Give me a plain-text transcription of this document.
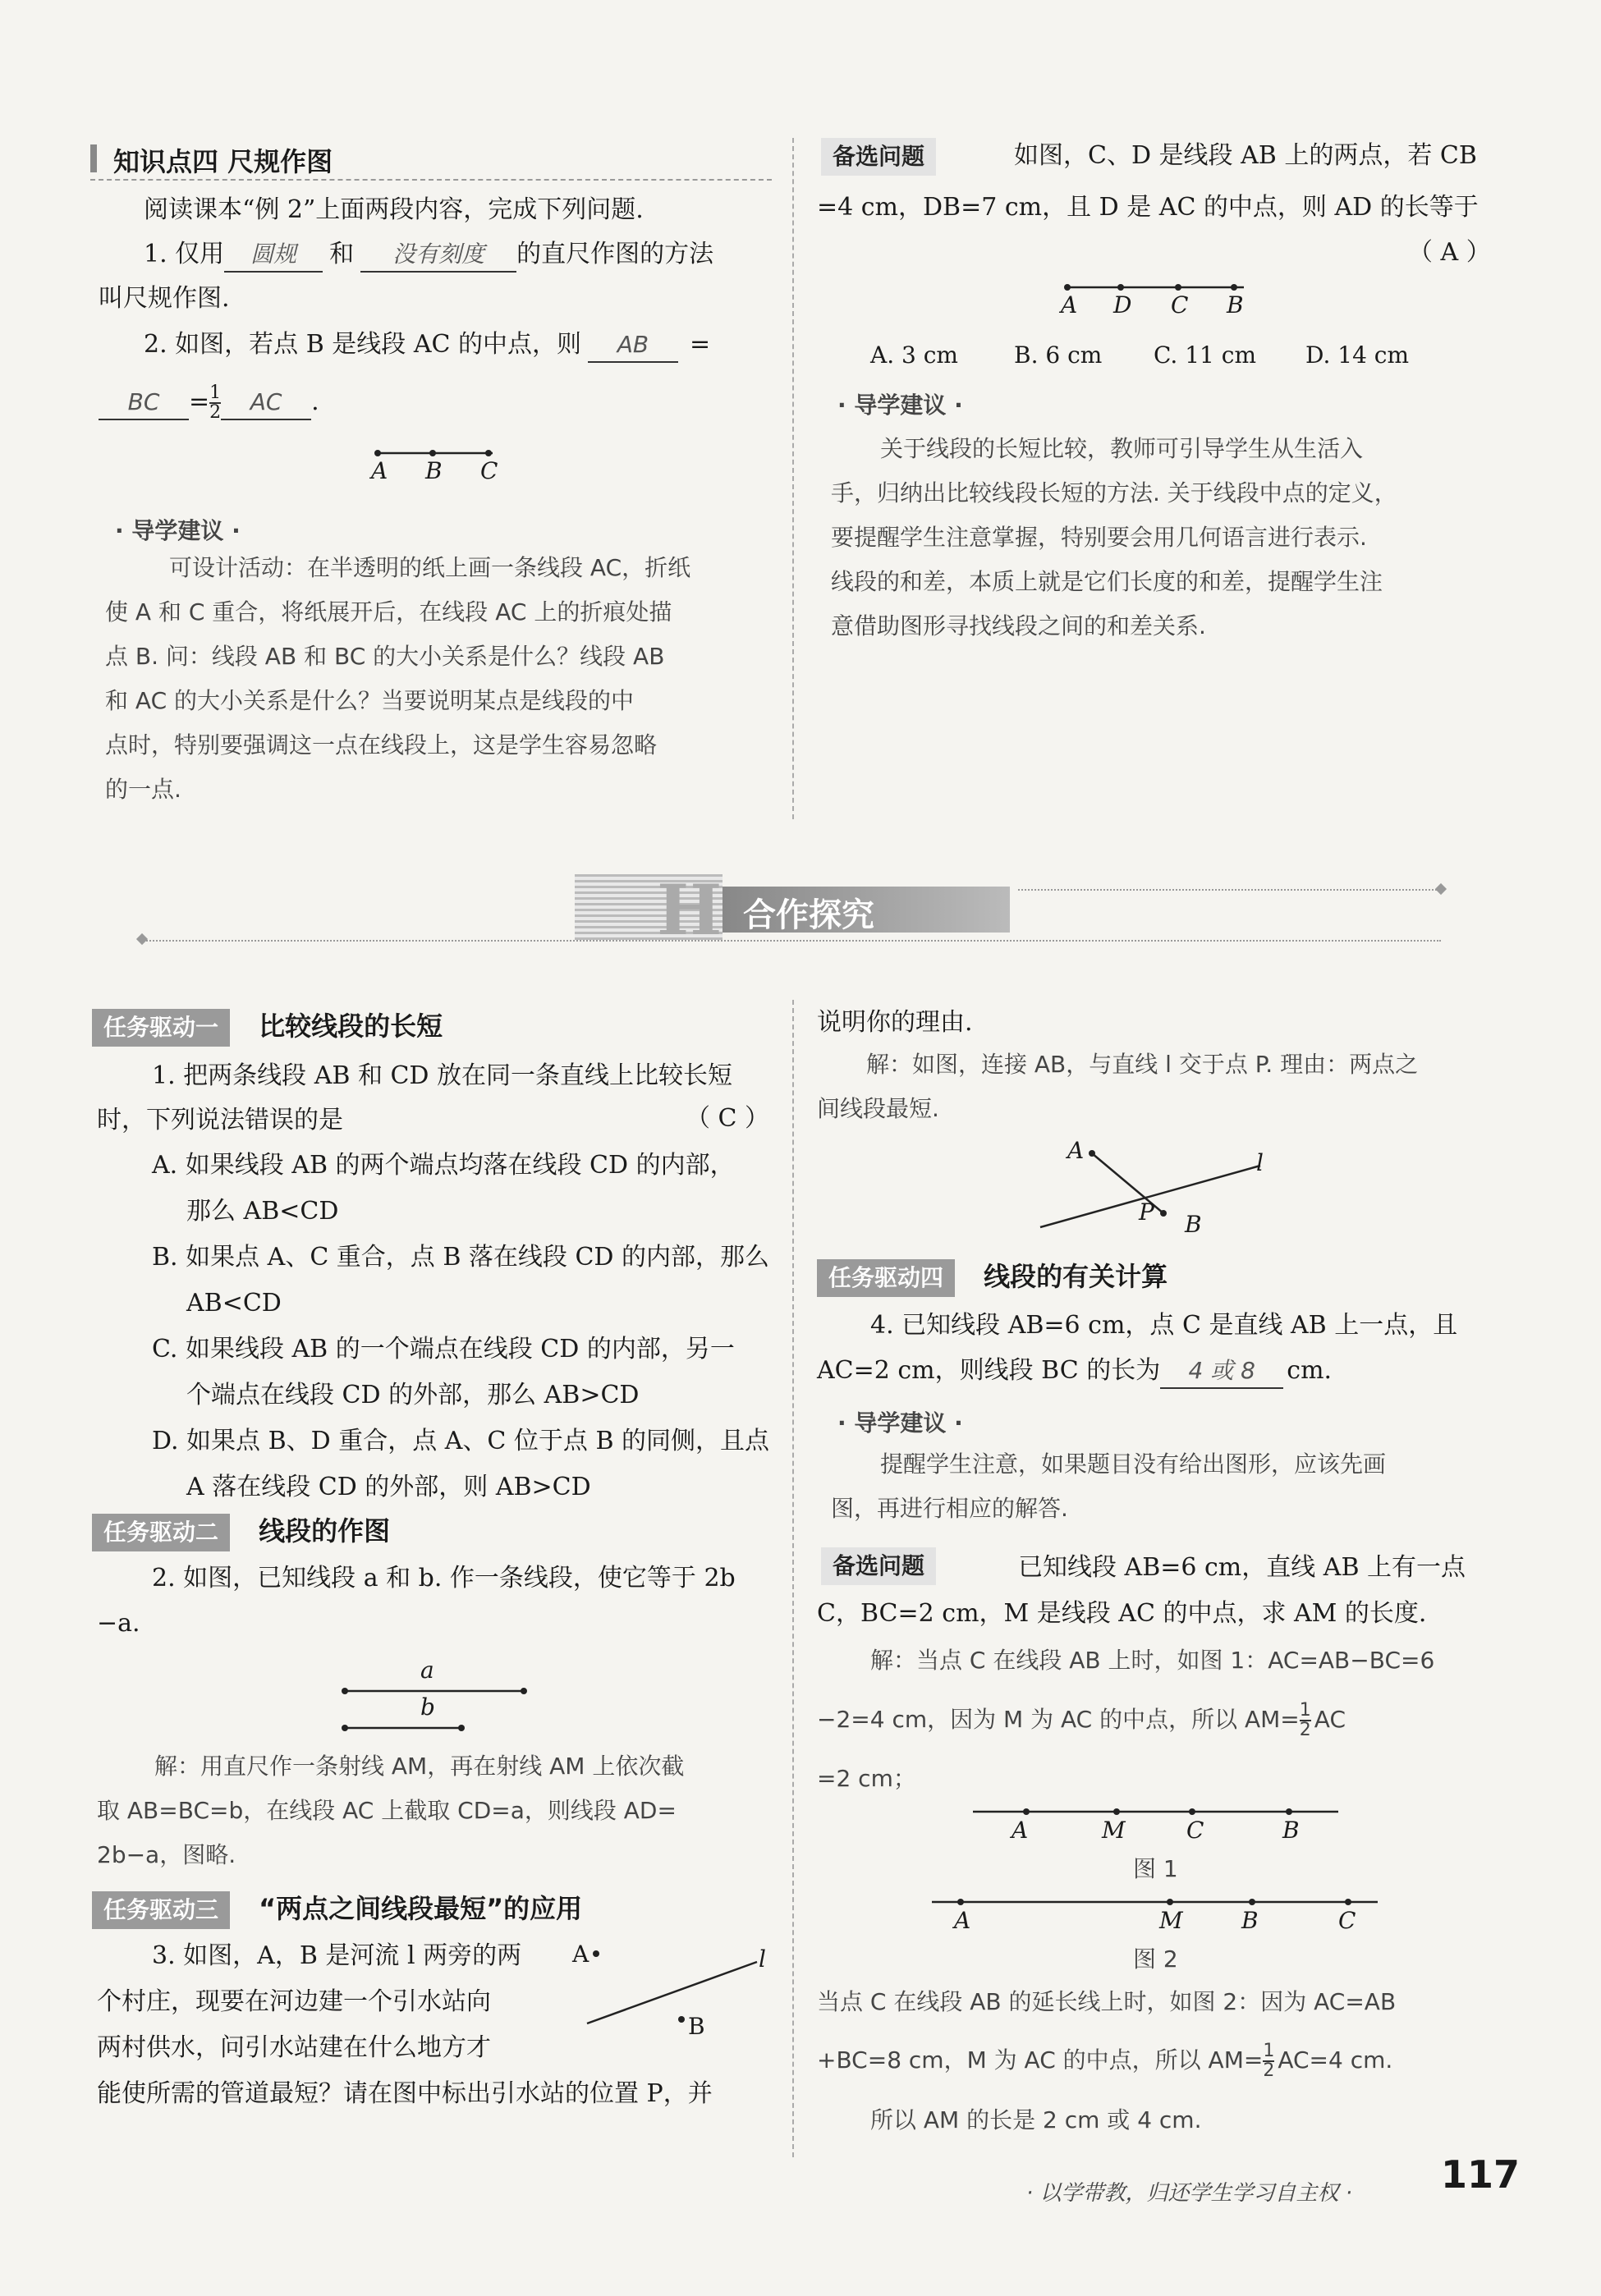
知识点四 尺规作图
阅读课本“例 2”上面两段内容，完成下列问题.
1. 仅用 圆规 和 没有刻度 的直尺作图的方法
叫尺规作图.
2. 如图，若点 B 是线段 AC 的中点，则 AB =
BC = $\frac{1}{2}$ AC .
A B C
· 导学建议 ·
可设计活动：在半透明的纸上画一条线段 AC，折纸
使 A 和 C 重合，将纸展开后，在线段 AC 上的折痕处描
点 B. 问：线段 AB 和 BC 的大小关系是什么？线段 AB
和 AC 的大小关系是什么？当要说明某点是线段的中
点时，特别要强调这一点在线段上，这是学生容易忽略
的一点.
备选问题	如图，C、D 是线段 AB 上的两点，若 CB
=4 cm，DB=7 cm，且 D 是 AC 的中点，则 AD 的长等于
（ A ）
A D C B
A. 3 cm B. 6 cm C. 11 cm D. 14 cm
· 导学建议 ·
关于线段的长短比较，教师可引导学生从生活入
手，归纳出比较线段长短的方法. 关于线段中点的定义，
要提醒学生注意掌握，特别要会用几何语言进行表示.
线段的和差，本质上就是它们长度的和差，提醒学生注
意借助图形寻找线段之间的和差关系.
H 合作探究
任务驱动一 比较线段的长短
1. 把两条线段 AB 和 CD 放在同一条直线上比较长短
时，下列说法错误的是	（ C ）
A. 如果线段 AB 的两个端点均落在线段 CD 的内部，
那么 AB<CD
B. 如果点 A、C 重合，点 B 落在线段 CD 的内部，那么
AB<CD
C. 如果线段 AB 的一个端点在线段 CD 的内部，另一
个端点在线段 CD 的外部，那么 AB>CD
D. 如果点 B、D 重合，点 A、C 位于点 B 的同侧，且点
A 落在线段 CD 的外部，则 AB>CD
任务驱动二 线段的作图
2. 如图，已知线段 a 和 b. 作一条线段，使它等于 2b
−a.
a
b
解：用直尺作一条射线 AM，再在射线 AM 上依次截
取 AB=BC=b，在线段 AC 上截取 CD=a，则线段 AD=
2b−a，图略.
任务驱动三 “两点之间线段最短”的应用
3. 如图，A，B 是河流 l 两旁的两
个村庄，现要在河边建一个引水站向
两村供水，问引水站建在什么地方才
能使所需的管道最短？请在图中标出引水站的位置 P，并
A
B
l
说明你的理由.
解：如图，连接 AB，与直线 l 交于点 P. 理由：两点之
间线段最短.
A	l
P B
任务驱动四 线段的有关计算
4. 已知线段 AB=6 cm，点 C 是直线 AB 上一点，且
AC=2 cm，则线段 BC 的长为 4 或 8 cm.
· 导学建议 ·
提醒学生注意，如果题目没有给出图形，应该先画
图，再进行相应的解答.
备选问题	已知线段 AB=6 cm，直线 AB 上有一点
C，BC=2 cm，M 是线段 AC 的中点，求 AM 的长度.
解：当点 C 在线段 AB 上时，如图 1：AC=AB−BC=6
−2=4 cm，因为 M 为 AC 的中点，所以 $AM= \frac{1}{2}$ AC
=2 cm；
A	M	C	B
图 1
A	M	B	C
图 2
当点 C 在线段 AB 的延长线上时，如图 2：因为 AC=AB
+BC=8 cm，M 为 AC 的中点，所以 $AM= \frac{1}{2} AC=4$ cm.
所以 AM 的长是 2 cm 或 4 cm.
· 以学带教，归还学生学习自主权 · 117
